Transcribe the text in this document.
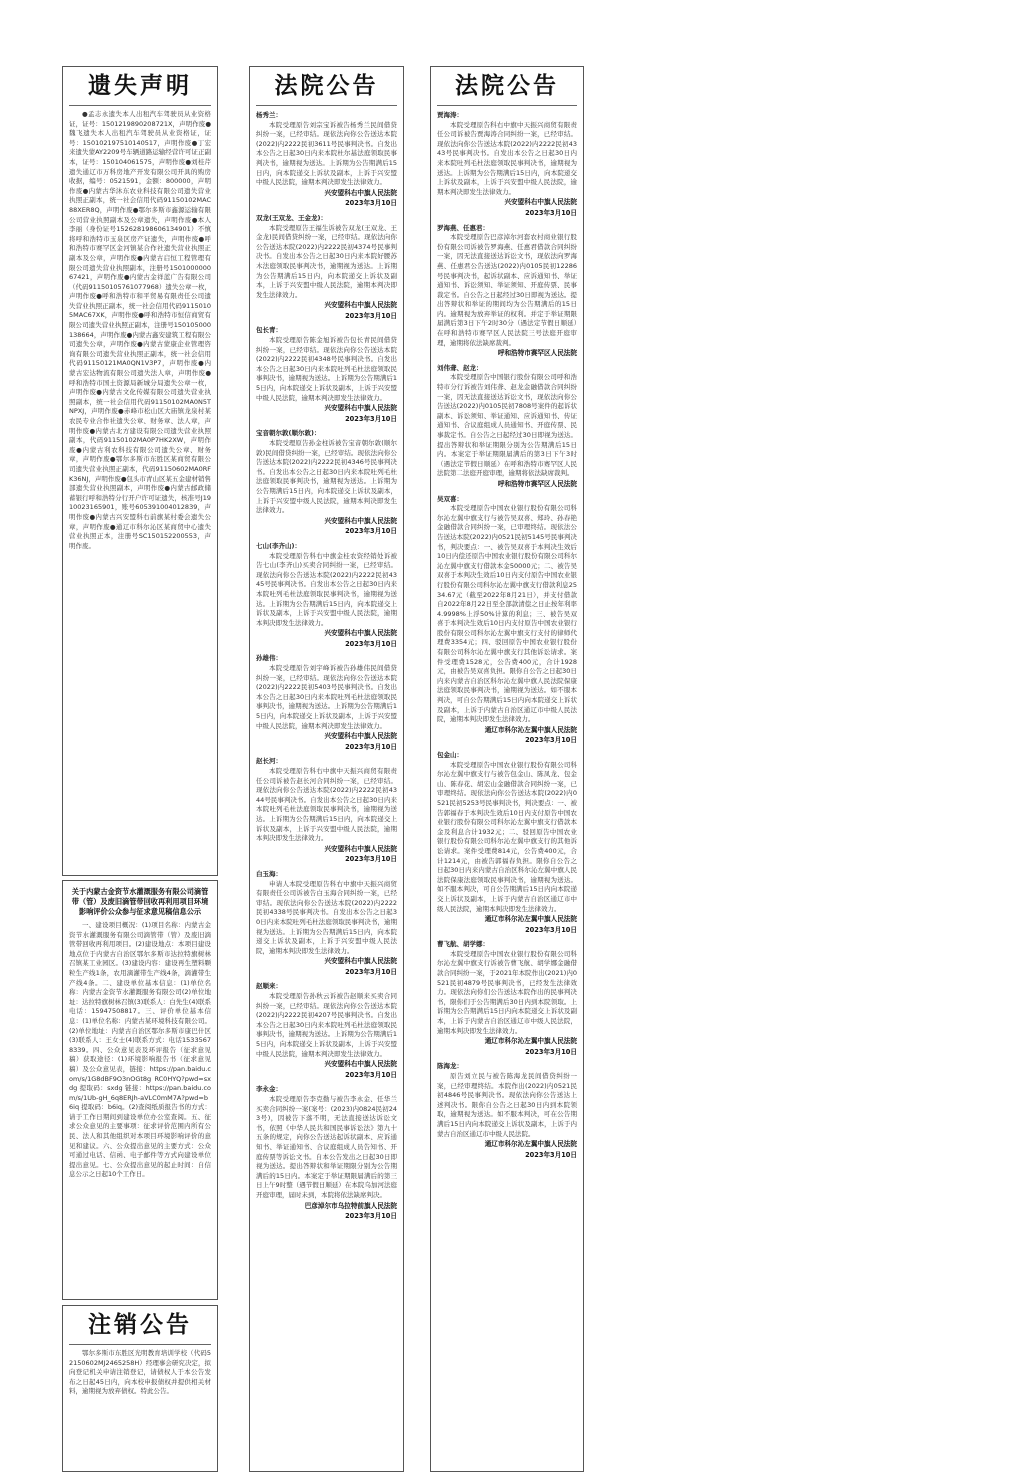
遗失声明
●孟志永遗失本人出租汽车驾驶员从业资格证，证号：1501219890208721X，声明作废●魏飞遗失本人出租汽车驾驶员从业资格证，证号：150102197510140517，声明作废●丁宏来遗失蒙AY2209号车辆道路运输经营许可证正副本，证号：150104061575，声明作废●刘桂芹遗失通辽市万科房地产开发有限公司开具的购房收据，编号：0521591，金额：800000，声明作废●内蒙古华沐东农业科技有限公司遗失营业执照正副本，统一社会信用代码91150102MAC88XER8Q，声明作废●鄂尔多斯市鑫源运输有限公司营业执照副本及公章遗失，声明作废●本人李丽（身份证号152628198606134901）不慎将呼和浩特市玉泉区房产证遗失，声明作废●呼和浩特市赛罕区金河镇某合作社遗失营业执照正副本及公章，声明作废●内蒙古启恒工程管理有限公司遗失营业执照副本，注册号150100000067421，声明作废●内蒙古金祥蓝广告有限公司（代码91150105761077968）遗失公章一枚，声明作废●呼和浩特市和平贸易有限责任公司遗失营业执照正副本，统一社会信用代码91150105MAC67XK，声明作废●呼和浩特市恒信商贸有限公司遗失营业执照正副本，注册号150105000138664，声明作废●内蒙古鑫安建筑工程有限公司遗失公章，声明作废●内蒙古蒙康企业管理咨询有限公司遗失营业执照正副本，统一社会信用代码91150121MA0QN1V3P7，声明作废●内蒙古宏达物流有限公司遗失法人章，声明作废●呼和浩特市国土资源局新城分局遗失公章一枚，声明作废●内蒙古文化传媒有限公司遗失营业执照副本，统一社会信用代码91150102MA0N5TNPXJ，声明作废●赤峰市松山区大庙镇龙泉村某农民专业合作社遗失公章、财务章、法人章，声明作废●内蒙古北方建设有限公司遗失营业执照副本，代码91150102MA0P7HK2XW，声明作废●内蒙古利农科技有限公司遗失公章、财务章，声明作废●鄂尔多斯市东胜区某商贸有限公司遗失营业执照正副本，代码91150602MA0RFK36NJ，声明作废●包头市青山区某五金建材销售部遗失营业执照副本，声明作废●内蒙古邮政储蓄银行呼和浩特分行开户许可证遗失，核准号J1910023165901，账号605391004012839，声明作废●内蒙古兴安盟科右前旗某村委会遗失公章，声明作废●通辽市科尔沁区某商贸中心遗失营业执照正本，注册号SC150152200553，声明作废。
关于内蒙古金资节水灌溉服务有限公司滴管带（管）及废旧滴管带回收再利用项目环境影响评价公众参与征求意见稿信息公示
一、建设项目概况：(1)项目名称：内蒙古金资节水灌溉服务有限公司滴管带（管）及废旧滴管带回收再利用项目。(2)建设地点：本项目建设地点位于内蒙古自治区鄂尔多斯市达拉特旗树林召镇某工业园区。(3)建设内容：建设再生塑料颗粒生产线1条，农用滴灌带生产线4条，滴灌带生产线4条。二、建设单位基本信息：(1)单位名称：内蒙古金资节水灌溉服务有限公司(2)单位地址：达拉特旗树林召镇(3)联系人：白先生(4)联系电话：15947508817。三、评价单位基本信息：(1)单位名称：内蒙古某环境科技有限公司。(2)单位地址：内蒙古自治区鄂尔多斯市康巴什区(3)联系人：王女士(4)联系方式：电话15335678339。四、公众意见表及环评报告（征求意见稿）获取途径：(1)环境影响报告书（征求意见稿）及公众意见表，链接：https://pan.baidu.com/s/1G8dBF9O3nOGt8g RC0HYQ?pwd=sxdg 提取码：sxdg 链接：https://pan.baidu.com/s/1Ub-gH_6q8ERJh-aVLC0mM7A?pwd=b6iq 提取码：b6iq。(2)查阅纸质报告书的方式：请于工作日期间到建设单位办公室查阅。五、征求公众意见的主要事项：征求评价范围内所有公民、法人和其他组织对本项目环境影响评价的意见和建议。六、公众提出意见的主要方式：公众可通过电话、信函、电子邮件等方式向建设单位提出意见。七、公众提出意见的起止时间：自信息公示之日起10个工作日。
注销公告
鄂尔多斯市东胜区光明教育培训学校（代码52150602MJ2465258H）经理事会研究决定，拟向登记机关申请注销登记，请债权人于本公告发布之日起45日内，向本校申报债权并提供相关材料，逾期视为放弃债权。特此公告。
法院公告
杨秀兰：
本院受理原告刘宗宝诉被告杨秀兰民间借贷纠纷一案，已经审结。现依法向你公告送达本院(2022)内2222民初3611号民事判决书。自发出本公告之日起30日内来本院杜尔基法庭领取民事判决书，逾期视为送达。上诉期为公告期满后15日内，向本院递交上诉状及副本，上诉于兴安盟中级人民法院，逾期本判决即发生法律效力。
兴安盟科右中旗人民法院
2023年3月10日
双龙(王双龙、王金龙)：
本院受理原告王福生诉被告双龙(王双龙、王金龙)民间借贷纠纷一案，已经审结。现依法向你公告送达本院(2022)内2222民初4374号民事判决书。自发出本公告之日起30日内来本院好腰苏木法庭领取民事判决书，逾期视为送达。上诉期为公告期满后15日内，向本院递交上诉状及副本，上诉于兴安盟中级人民法院，逾期本判决即发生法律效力。
兴安盟科右中旗人民法院
2023年3月10日
包长青：
本院受理原告陈金旭诉被告包长青民间借贷纠纷一案，已经审结。现依法向你公告送达本院(2022)内2222民初4348号民事判决书。自发出本公告之日起30日内来本院吐列毛杜法庭领取民事判决书，逾期视为送达。上诉期为公告期满后15日内，向本院递交上诉状及副本，上诉于兴安盟中级人民法院，逾期本判决即发生法律效力。
兴安盟科右中旗人民法院
2023年3月10日
宝音朝尔敦(顺尔敦)：
本院受理原告孙金柱诉被告宝音朝尔敦(顺尔敦)民间借贷纠纷一案，已经审结。现依法向你公告送达本院(2022)内2222民初4346号民事判决书。自发出本公告之日起30日内来本院吐列毛杜法庭领取民事判决书，逾期视为送达。上诉期为公告期满后15日内，向本院递交上诉状及副本，上诉于兴安盟中级人民法院，逾期本判决即发生法律效力。
兴安盟科右中旗人民法院
2023年3月10日
七山(李齐山)：
本院受理原告科右中旗金桂农资经销处诉被告七山(李齐山)买卖合同纠纷一案，已经审结。现依法向你公告送达本院(2022)内2222民初4345号民事判决书。自发出本公告之日起30日内来本院吐列毛杜法庭领取民事判决书，逾期视为送达。上诉期为公告期满后15日内，向本院递交上诉状及副本，上诉于兴安盟中级人民法院，逾期本判决即发生法律效力。
兴安盟科右中旗人民法院
2023年3月10日
孙雄伟：
本院受理原告刘宇峰诉被告孙雄伟民间借贷纠纷一案，已经审结。现依法向你公告送达本院(2022)内2222民初5403号民事判决书。自发出本公告之日起30日内来本院吐列毛杜法庭领取民事判决书，逾期视为送达。上诉期为公告期满后15日内，向本院递交上诉状及副本，上诉于兴安盟中级人民法院，逾期本判决即发生法律效力。
兴安盟科右中旗人民法院
2023年3月10日
赵长河：
本院受理原告科右中旗中天振兴商贸有限责任公司诉被告赵长河合同纠纷一案，已经审结。现依法向你公告送达本院(2022)内2222民初4344号民事判决书。自发出本公告之日起30日内来本院吐列毛杜法庭领取民事判决书，逾期视为送达。上诉期为公告期满后15日内，向本院递交上诉状及副本，上诉于兴安盟中级人民法院，逾期本判决即发生法律效力。
兴安盟科右中旗人民法院
2023年3月10日
白玉海：
申请人本院受理原告科右中旗中天振兴商贸有限责任公司诉被告白玉海合同纠纷一案，已经审结。现依法向你公告送达本院(2022)内2222民初4338号民事判决书。自发出本公告之日起30日内来本院吐列毛杜法庭领取民事判决书，逾期视为送达。上诉期为公告期满后15日内，向本院递交上诉状及副本，上诉于兴安盟中级人民法院，逾期本判决即发生法律效力。
兴安盟科右中旗人民法院
2023年3月10日
赵顺来：
本院受理原告孙秋云诉被告赵顺来买卖合同纠纷一案，已经审结。现依法向你公告送达本院(2022)内2222民初4207号民事判决书。自发出本公告之日起30日内来本院吐列毛杜法庭领取民事判决书，逾期视为送达。上诉期为公告期满后15日内，向本院递交上诉状及副本，上诉于兴安盟中级人民法院，逾期本判决即发生法律效力。
兴安盟科右中旗人民法院
2023年3月10日
李永金：
本院受理原告李克勤与被告李永金、任华兰买卖合同纠纷一案(案号：(2023)内0824民初243号)，因被告下落不明，无法直接送达诉讼文书，依照《中华人民共和国民事诉讼法》第九十五条的规定，向你公告送达起诉状副本、应诉通知书、举证通知书、合议庭组成人员告知书、开庭传票等诉讼文书。自本公告发出之日起30日即视为送达。提出答辩状和举证期限分别为公告期满后的15日内。本案定于举证期限届满后的第三日上午9时整（遇节假日顺延）在本院乌加河法庭开庭审理，届时未到，本院将依法缺席判决。
巴彦淖尔市乌拉特前旗人民法院
2023年3月10日
法院公告
贾海涛：
本院受理原告科右中旗中天振兴商贸有限责任公司诉被告贾海涛合同纠纷一案，已经审结。现依法向你公告送达本院(2022)内2222民初4343号民事判决书。自发出本公告之日起30日内来本院吐列毛杜法庭领取民事判决书，逾期视为送达。上诉期为公告期满后15日内，向本院递交上诉状及副本，上诉于兴安盟中级人民法院，逾期本判决即发生法律效力。
兴安盟科右中旗人民法院
2023年3月10日
罗海燕、任惠君：
本院受理原告巴彦淖尔河套农村商业银行股份有限公司诉被告罗海燕、任惠君借款合同纠纷一案，因无法直接送达诉讼文书，现依法向罗海燕、任惠君公告送达(2022)内0105民初12286号民事判决书，起诉状副本、应诉通知书、举证通知书、诉讼须知、举证须知、开庭传票、民事裁定书。自公告之日起经过30日即视为送达。提出答辩状和举证的期间均为公告期满后的15日内。逾期视为放弃举证的权利。并定于举证期限届满后第3日下午2时30分（遇法定节假日顺延）在呼和浩特市赛罕区人民法院三号法庭开庭审理，逾期将依法缺席裁判。
呼和浩特市赛罕区人民法院
刘伟聋、赵龙：
本院受理原告中国银行股份有限公司呼和浩特市分行诉被告刘伟聋、赵龙金融借款合同纠纷一案，因无法直接送达诉讼文书，现依法向你公告送达(2022)内0105民初7808号案件的起诉状副本、诉讼须知、举证通知、应诉通知书、传证通知书、合议庭组成人员通知书、开庭传票、民事裁定书。自公告之日起经过30日即视为送达。提出答辩状和举证期限分别为公告期满后15日内。本案定于举证期限届满后的第3日下午3时（遇法定节假日顺延）在呼和浩特市赛罕区人民法院第二法庭开庭审理，逾期将依法缺席裁判。
呼和浩特市赛罕区人民法院
吴双喜：
本院受理原告中国农业银行股份有限公司科尔沁左翼中旗支行与被告吴双喜、郑玲、孙春艳金融借款合同纠纷一案，已审理终结。现依法公告送达本院(2022)内0521民初5145号民事判决书，判决要点：一、被告吴双喜于本判决生效后10日内偿还原告中国农业银行股份有限公司科尔沁左翼中旗支行借款本金50000元；二、被告吴双喜于本判决生效后10日内支付原告中国农业银行股份有限公司科尔沁左翼中旗支行借款利息2534.67元（截至2022年8月21日），并支付借款自2022年8月22日至全部款清偿之日止按年利率4.9998%上浮50%计算的利息；三、被告吴双喜于本判决生效后10日内支付原告中国农业银行股份有限公司科尔沁左翼中旗支行支付的律师代理费3354元；四、驳回原告中国农业银行股份有限公司科尔沁左翼中旗支行其他诉讼请求。案件受理费1528元，公告费400元，合计1928元，由被告吴双喜负担。限你自公告之日起30日内来内蒙古自治区科尔沁左翼中旗人民法院保康法庭领取民事判决书，逾期视为送达。如不服本判决，可自公告期满后15日内向本院递交上诉状及副本，上诉于内蒙古自治区通辽市中级人民法院，逾期本判决即发生法律效力。
通辽市科尔沁左翼中旗人民法院
2023年3月10日
包金山：
本院受理原告中国农业银行股份有限公司科尔沁左翼中旗支行与被告包金山、陈凤龙、包金山、陈春花、胡宏山金融借款合同纠纷一案，已审理终结。现依法向你公告送达本院(2022)内0521民初5253号民事判决书，判决要点：一、被告郭福春于本判决生效后10日内支付原告中国农业银行股份有限公司科尔沁左翼中旗支行借款本金及利息合计1932元；二、驳回原告中国农业银行股份有限公司科尔沁左翼中旗支行的其他诉讼请求。案件受理费814元，公告费400元，合计1214元，由被告郭福春负担。限你自公告之日起30日内来内蒙古自治区科尔沁左翼中旗人民法院保康法庭领取民事判决书，逾期视为送达。如不服本判决，可自公告期满后15日内向本院递交上诉状及副本，上诉于内蒙古自治区通辽市中级人民法院，逾期本判决即发生法律效力。
通辽市科尔沁左翼中旗人民法院
2023年3月10日
曹飞航、胡学娜：
本院受理原告中国农业银行股份有限公司科尔沁左翼中旗支行诉被告曹飞航、胡学娜金融借款合同纠纷一案，于2021年本院作出(2021)内0521民初4879号民事判决书，已经发生法律效力。现依法向你们公告送达本院作出的民事判决书，限你们于公告期满后30日内到本院领取。上诉期为公告期满后15日内向本院递交上诉状及副本，上诉于内蒙古自治区通辽市中级人民法院，逾期本判决即发生法律效力。
通辽市科尔沁左翼中旗人民法院
2023年3月10日
陈海龙：
原告刘立民与被告陈海龙民间借贷纠纷一案，已经审理终结。本院作出(2022)内0521民初4846号民事判决书。现依法向你公告送达上述判决书。限你自公告之日起30日内到本院领取，逾期视为送达。如不服本判决，可在公告期满后15日内向本院递交上诉状及副本，上诉于内蒙古自治区通辽市中级人民法院。
通辽市科尔沁左翼中旗人民法院
2023年3月10日
